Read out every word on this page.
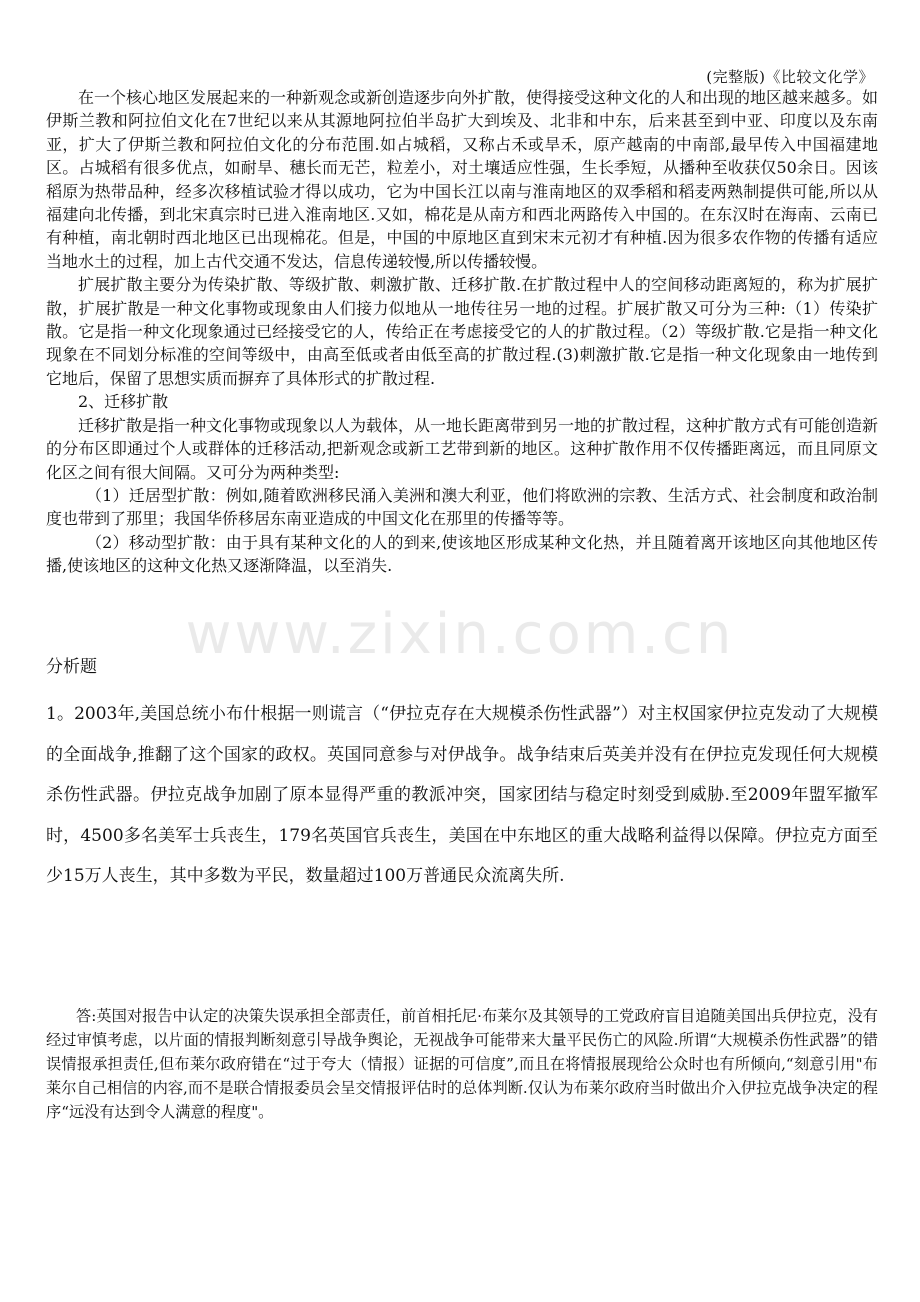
(完整版)《比较文化学》

在一个核心地区发展起来的一种新观念或新创造逐步向外扩散，使得接受这种文化的人和出现的地区越来越多。如伊斯兰教和阿拉伯文化在7世纪以来从其源地阿拉伯半岛扩大到埃及、北非和中东，后来甚至到中亚、印度以及东南亚，扩大了伊斯兰教和阿拉伯文化的分布范围.如占城稻，又称占禾或旱禾，原产越南的中南部,最早传入中国福建地区。占城稻有很多优点，如耐旱、穗长而无芒，粒差小，对土壤适应性强，生长季短，从播种至收获仅50余日。因该稻原为热带品种，经多次移植试验才得以成功，它为中国长江以南与淮南地区的双季稻和稻麦两熟制提供可能,所以从福建向北传播，到北宋真宗时已进入淮南地区.又如，棉花是从南方和西北两路传入中国的。在东汉时在海南、云南已有种植，南北朝时西北地区已出现棉花。但是，中国的中原地区直到宋末元初才有种植.因为很多农作物的传播有适应当地水土的过程，加上古代交通不发达，信息传递较慢,所以传播较慢。

扩展扩散主要分为传染扩散、等级扩散、刺激扩散、迁移扩散.在扩散过程中人的空间移动距离短的，称为扩展扩散，扩展扩散是一种文化事物或现象由人们接力似地从一地传往另一地的过程。扩展扩散又可分为三种:（1）传染扩散。它是指一种文化现象通过已经接受它的人，传给正在考虑接受它的人的扩散过程。（2）等级扩散.它是指一种文化现象在不同划分标准的空间等级中，由高至低或者由低至高的扩散过程.(3)刺激扩散.它是指一种文化现象由一地传到它地后，保留了思想实质而摒弃了具体形式的扩散过程.

2、迁移扩散

迁移扩散是指一种文化事物或现象以人为载体，从一地长距离带到另一地的扩散过程，这种扩散方式有可能创造新的分布区即通过个人或群体的迁移活动,把新观念或新工艺带到新的地区。这种扩散作用不仅传播距离远，而且同原文化区之间有很大间隔。又可分为两种类型:

（1）迁居型扩散：例如,随着欧洲移民涌入美洲和澳大利亚，他们将欧洲的宗教、生活方式、社会制度和政治制度也带到了那里；我国华侨移居东南亚造成的中国文化在那里的传播等等。

（2）移动型扩散：由于具有某种文化的人的到来,使该地区形成某种文化热，并且随着离开该地区向其他地区传播,使该地区的这种文化热又逐渐降温，以至消失.

www.zixin.com.cn
分析题

1。2003年,美国总统小布什根据一则谎言（“伊拉克存在大规模杀伤性武器”）对主权国家伊拉克发动了大规模的全面战争,推翻了这个国家的政权。英国同意参与对伊战争。战争结束后英美并没有在伊拉克发现任何大规模杀伤性武器。伊拉克战争加剧了原本显得严重的教派冲突，国家团结与稳定时刻受到威胁.至2009年盟军撤军时，4500多名美军士兵丧生，179名英国官兵丧生，美国在中东地区的重大战略利益得以保障。伊拉克方面至少15万人丧生，其中多数为平民，数量超过100万普通民众流离失所.

答:英国对报告中认定的决策失误承担全部责任，前首相托尼·布莱尔及其领导的工党政府盲目追随美国出兵伊拉克，没有经过审慎考虑，以片面的情报判断刻意引导战争舆论，无视战争可能带来大量平民伤亡的风险.所谓“大规模杀伤性武器”的错误情报承担责任,但布莱尔政府错在“过于夸大（情报）证据的可信度”,而且在将情报展现给公众时也有所倾向,“刻意引用"布莱尔自己相信的内容,而不是联合情报委员会呈交情报评估时的总体判断.仅认为布莱尔政府当时做出介入伊拉克战争决定的程序“远没有达到令人满意的程度"。
